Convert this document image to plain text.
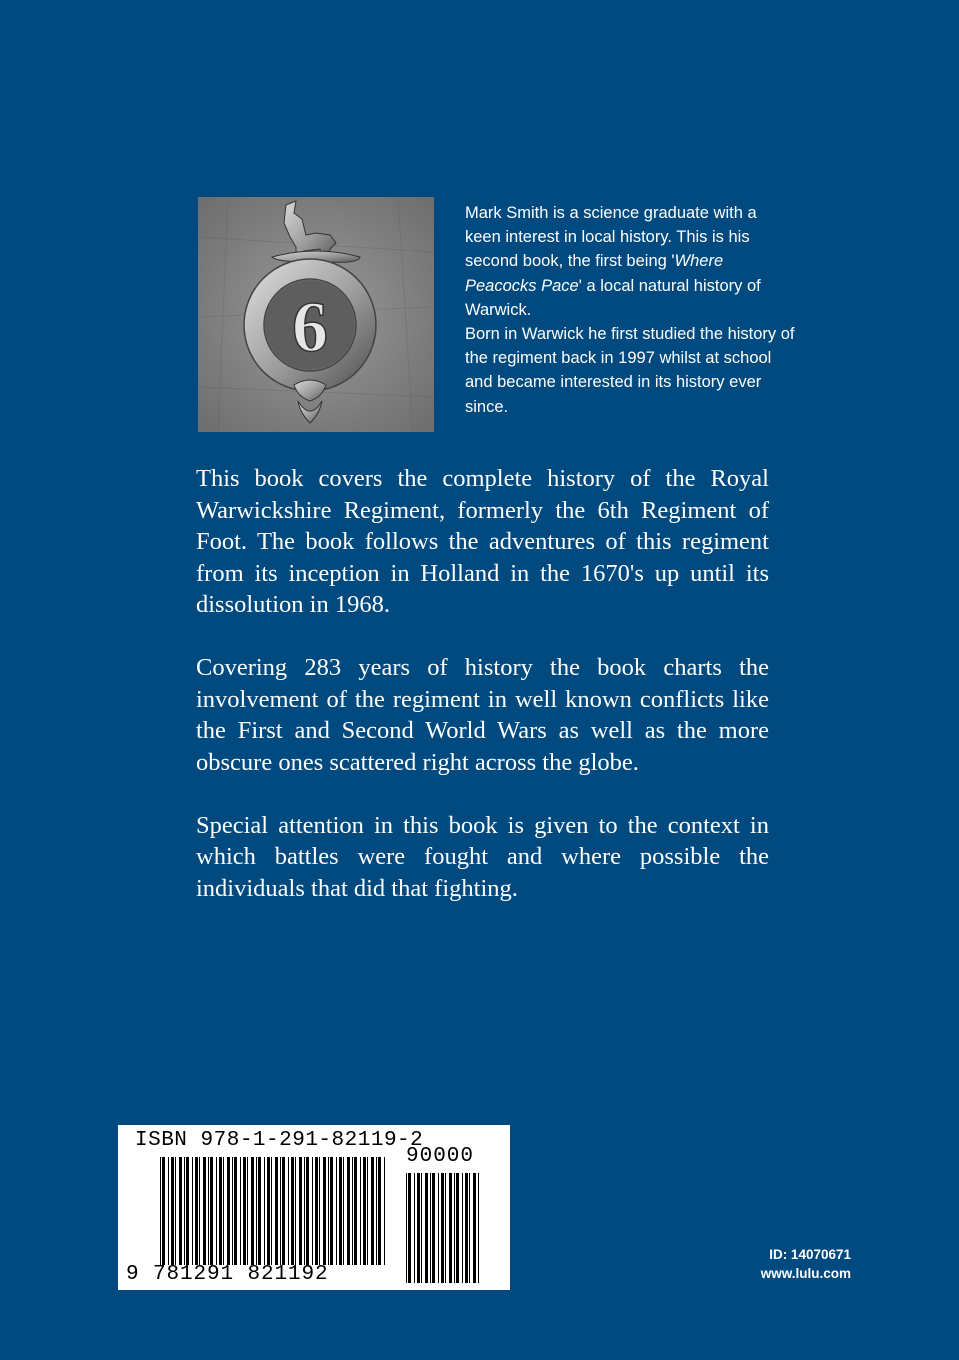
6

Mark Smith is a science graduate with a keen interest in local history. This is his second book, the first being 'Where Peacocks Pace' a local natural history of Warwick.

Born in Warwick he first studied the history of the regiment back in 1997 whilst at school and became interested in its history ever since.

This book covers the complete history of the Royal Warwickshire Regiment, formerly the 6th Regiment of Foot. The book follows the adventures of this regiment from its inception in Holland in the 1670's up until its dissolution in 1968.

Covering 283 years of history the book charts the involvement of the regiment in well known conflicts like the First and Second World Wars as well as the more obscure ones scattered right across the globe.

Special attention in this book is given to the context in which battles were fought and where possible the individuals that did that fighting.

ISBN 978-1-291-82119-2
90000
9 781291 821192
ID: 14070671
www.lulu.com
